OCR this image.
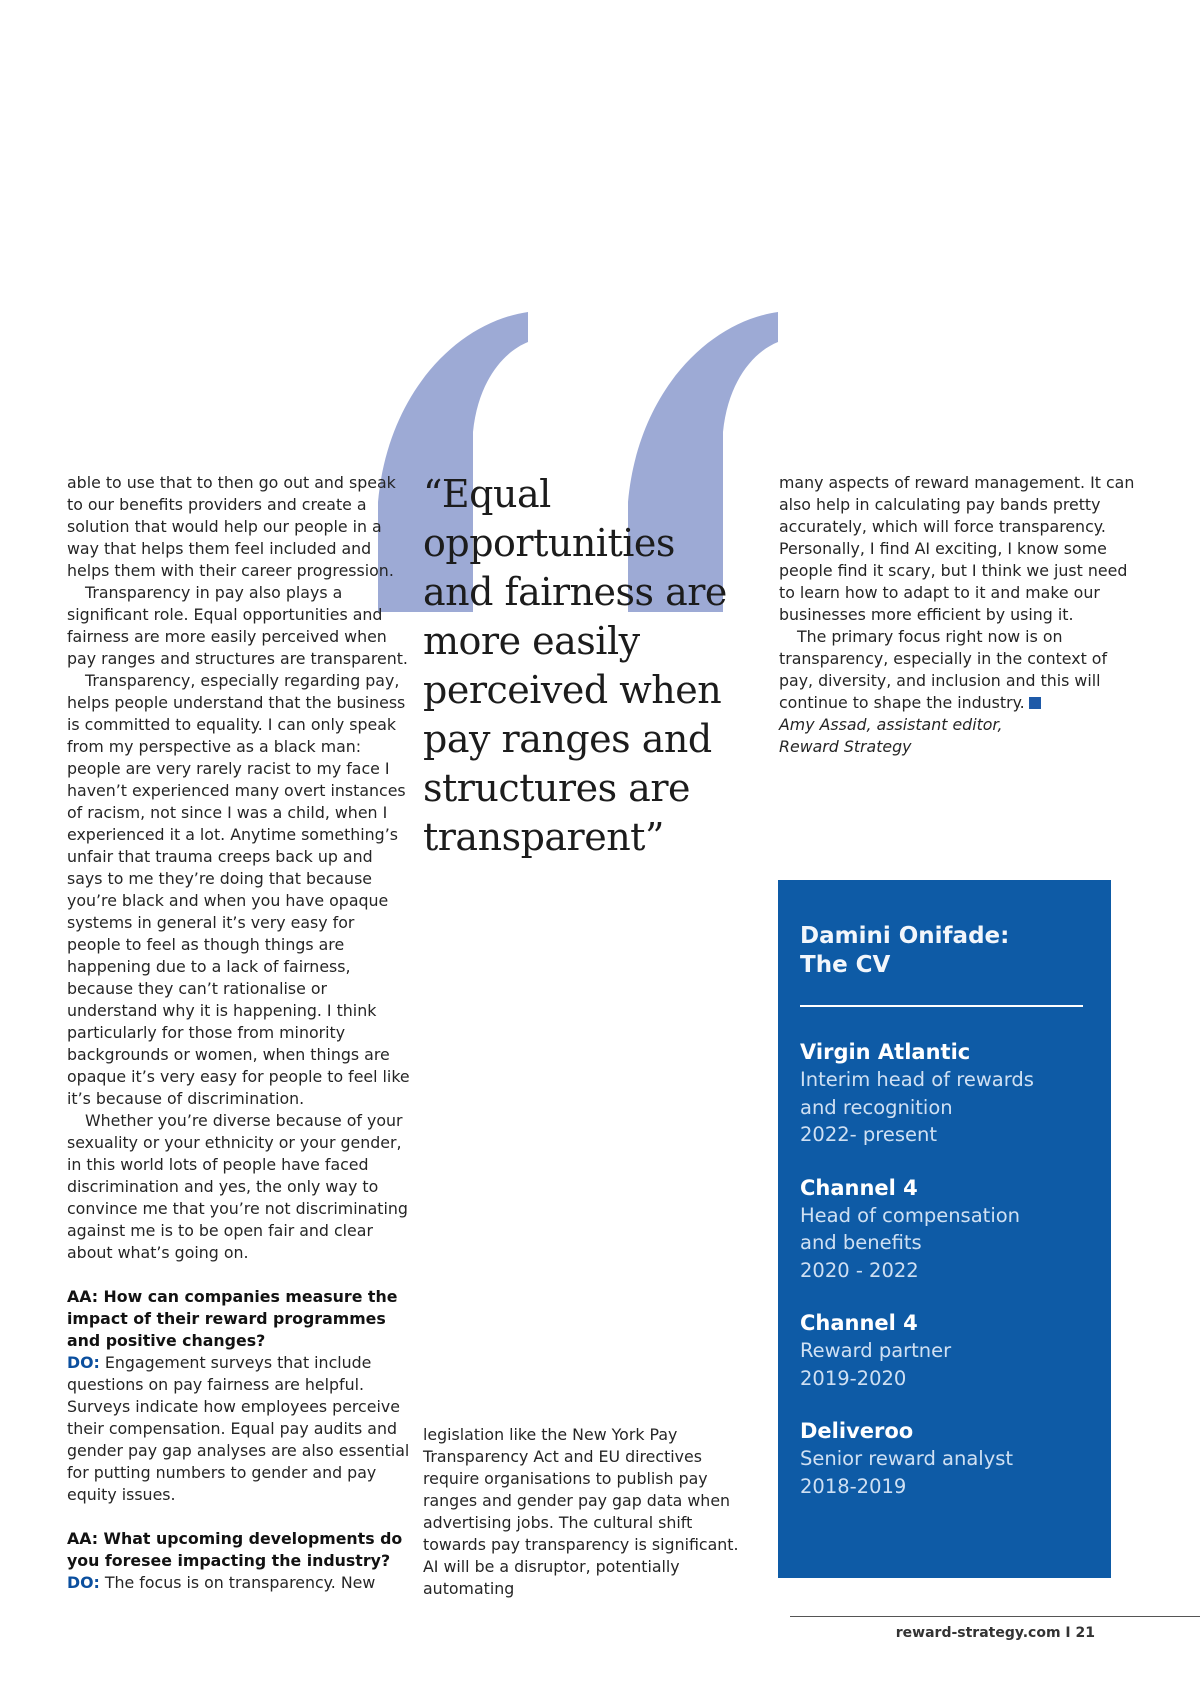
able to use that to then go out and speak to our benefits providers and create a solution that would help our people in a way that helps them feel included and helps them with their career progression.

Transparency in pay also plays a significant role. Equal opportunities and fairness are more easily perceived when pay ranges and structures are transparent.

Transparency, especially regarding pay, helps people understand that the business is committed to equality. I can only speak from my perspective as a black man: people are very rarely racist to my face I haven’t experienced many overt instances of racism, not since I was a child, when I experienced it a lot. Anytime something’s unfair that trauma creeps back up and says to me they’re doing that because you’re black and when you have opaque systems in general it’s very easy for people to feel as though things are happening due to a lack of fairness, because they can’t rationalise or understand why it is happening. I think particularly for those from minority backgrounds or women, when things are opaque it’s very easy for people to feel like it’s because of discrimination.

Whether you’re diverse because of your sexuality or your ethnicity or your gender, in this world lots of people have faced discrimination and yes, the only way to convince me that you’re not discriminating against me is to be open fair and clear about what’s going on.

AA: How can companies measure the impact of their reward programmes and positive changes?

DO: Engagement surveys that include questions on pay fairness are helpful. Surveys indicate how employees perceive their compensation. Equal pay audits and gender pay gap analyses are also essential for putting numbers to gender and pay equity issues.

AA: What upcoming developments do you foresee impacting the industry?

DO: The focus is on transparency. New

“Equal opportunities and fairness are more easily perceived when pay ranges and structures are transparent”

legislation like the New York Pay Transparency Act and EU directives require organisations to publish pay ranges and gender pay gap data when advertising jobs. The cultural shift towards pay transparency is significant. AI will be a disruptor, potentially automating

many aspects of reward management. It can also help in calculating pay bands pretty accurately, which will force transparency. Personally, I find AI exciting, I know some people find it scary, but I think we just need to learn how to adapt to it and make our businesses more efficient by using it.

The primary focus right now is on transparency, especially in the context of pay, diversity, and inclusion and this will continue to shape the industry.

Amy Assad, assistant editor,

Reward Strategy

Damini Onifade:
The CV
Virgin Atlantic
Interim head of rewards
and recognition
2022- present
Channel 4
Head of compensation
and benefits
2020 - 2022
Channel 4
Reward partner
2019-2020
Deliveroo
Senior reward analyst
2018-2019
reward-strategy.com I 21
